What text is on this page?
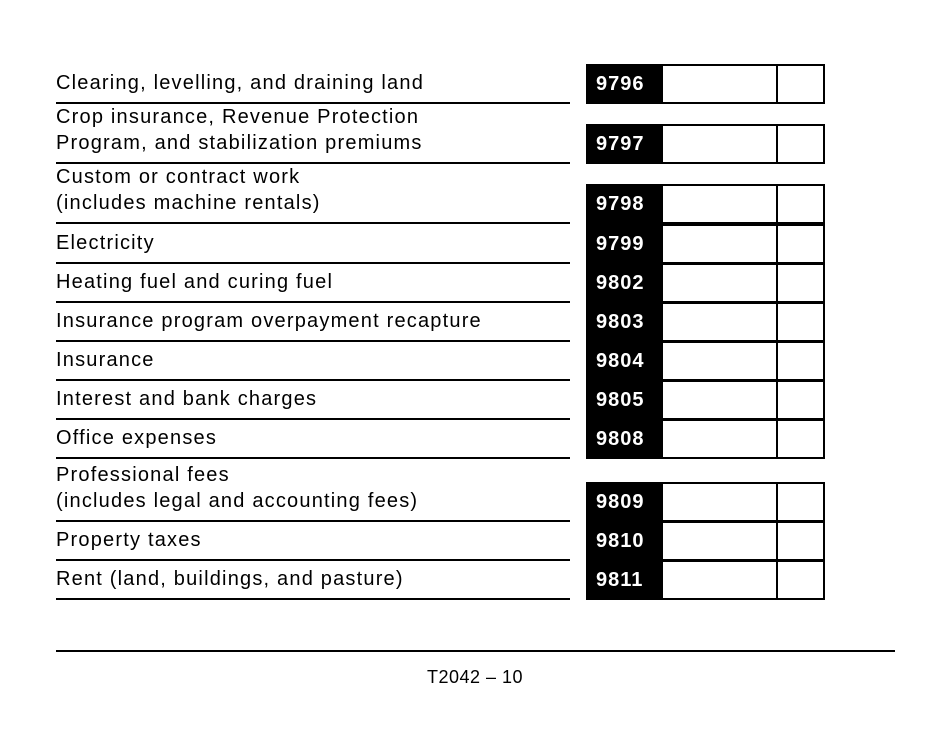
Clearing, levelling, and draining land	9796
Crop insurance, Revenue Protection
Program, and stabilization premiums	9797
Custom or contract work
(includes machine rentals)	9798
Electricity	9799
Heating fuel and curing fuel	9802
Insurance program overpayment recapture	9803
Insurance	9804
Interest and bank charges	9805
Office expenses	9808
Professional fees
(includes legal and accounting fees)	9809
Property taxes	9810
Rent (land, buildings, and pasture)	9811
T2042 – 10
